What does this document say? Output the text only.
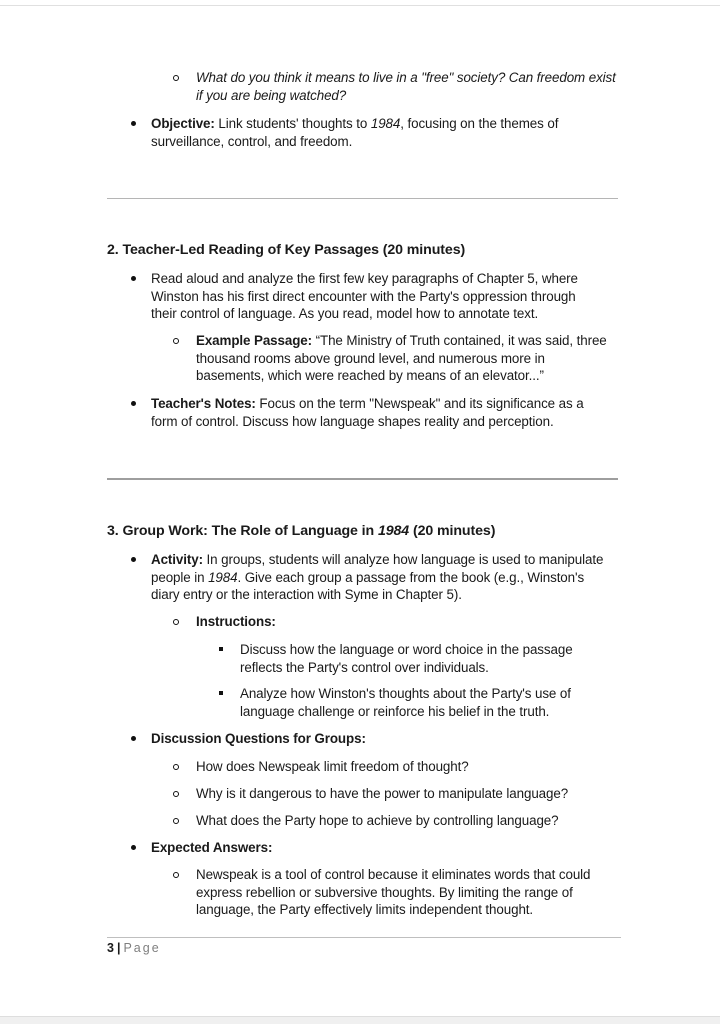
What do you think it means to live in a "free" society? Can freedom exist
if you are being watched?
Objective: Link students' thoughts to 1984, focusing on the themes of
surveillance, control, and freedom.
2. Teacher-Led Reading of Key Passages (20 minutes)
Read aloud and analyze the first few key paragraphs of Chapter 5, where
Winston has his first direct encounter with the Party's oppression through
their control of language. As you read, model how to annotate text.
Example Passage: “The Ministry of Truth contained, it was said, three
thousand rooms above ground level, and numerous more in
basements, which were reached by means of an elevator...”
Teacher's Notes: Focus on the term "Newspeak" and its significance as a
form of control. Discuss how language shapes reality and perception.
3. Group Work: The Role of Language in 1984 (20 minutes)
Activity: In groups, students will analyze how language is used to manipulate
people in 1984. Give each group a passage from the book (e.g., Winston's
diary entry or the interaction with Syme in Chapter 5).
Instructions:
Discuss how the language or word choice in the passage
reflects the Party's control over individuals.
Analyze how Winston's thoughts about the Party's use of
language challenge or reinforce his belief in the truth.
Discussion Questions for Groups:
How does Newspeak limit freedom of thought?
Why is it dangerous to have the power to manipulate language?
What does the Party hope to achieve by controlling language?
Expected Answers:
Newspeak is a tool of control because it eliminates words that could
express rebellion or subversive thoughts. By limiting the range of
language, the Party effectively limits independent thought.
3 | Page
